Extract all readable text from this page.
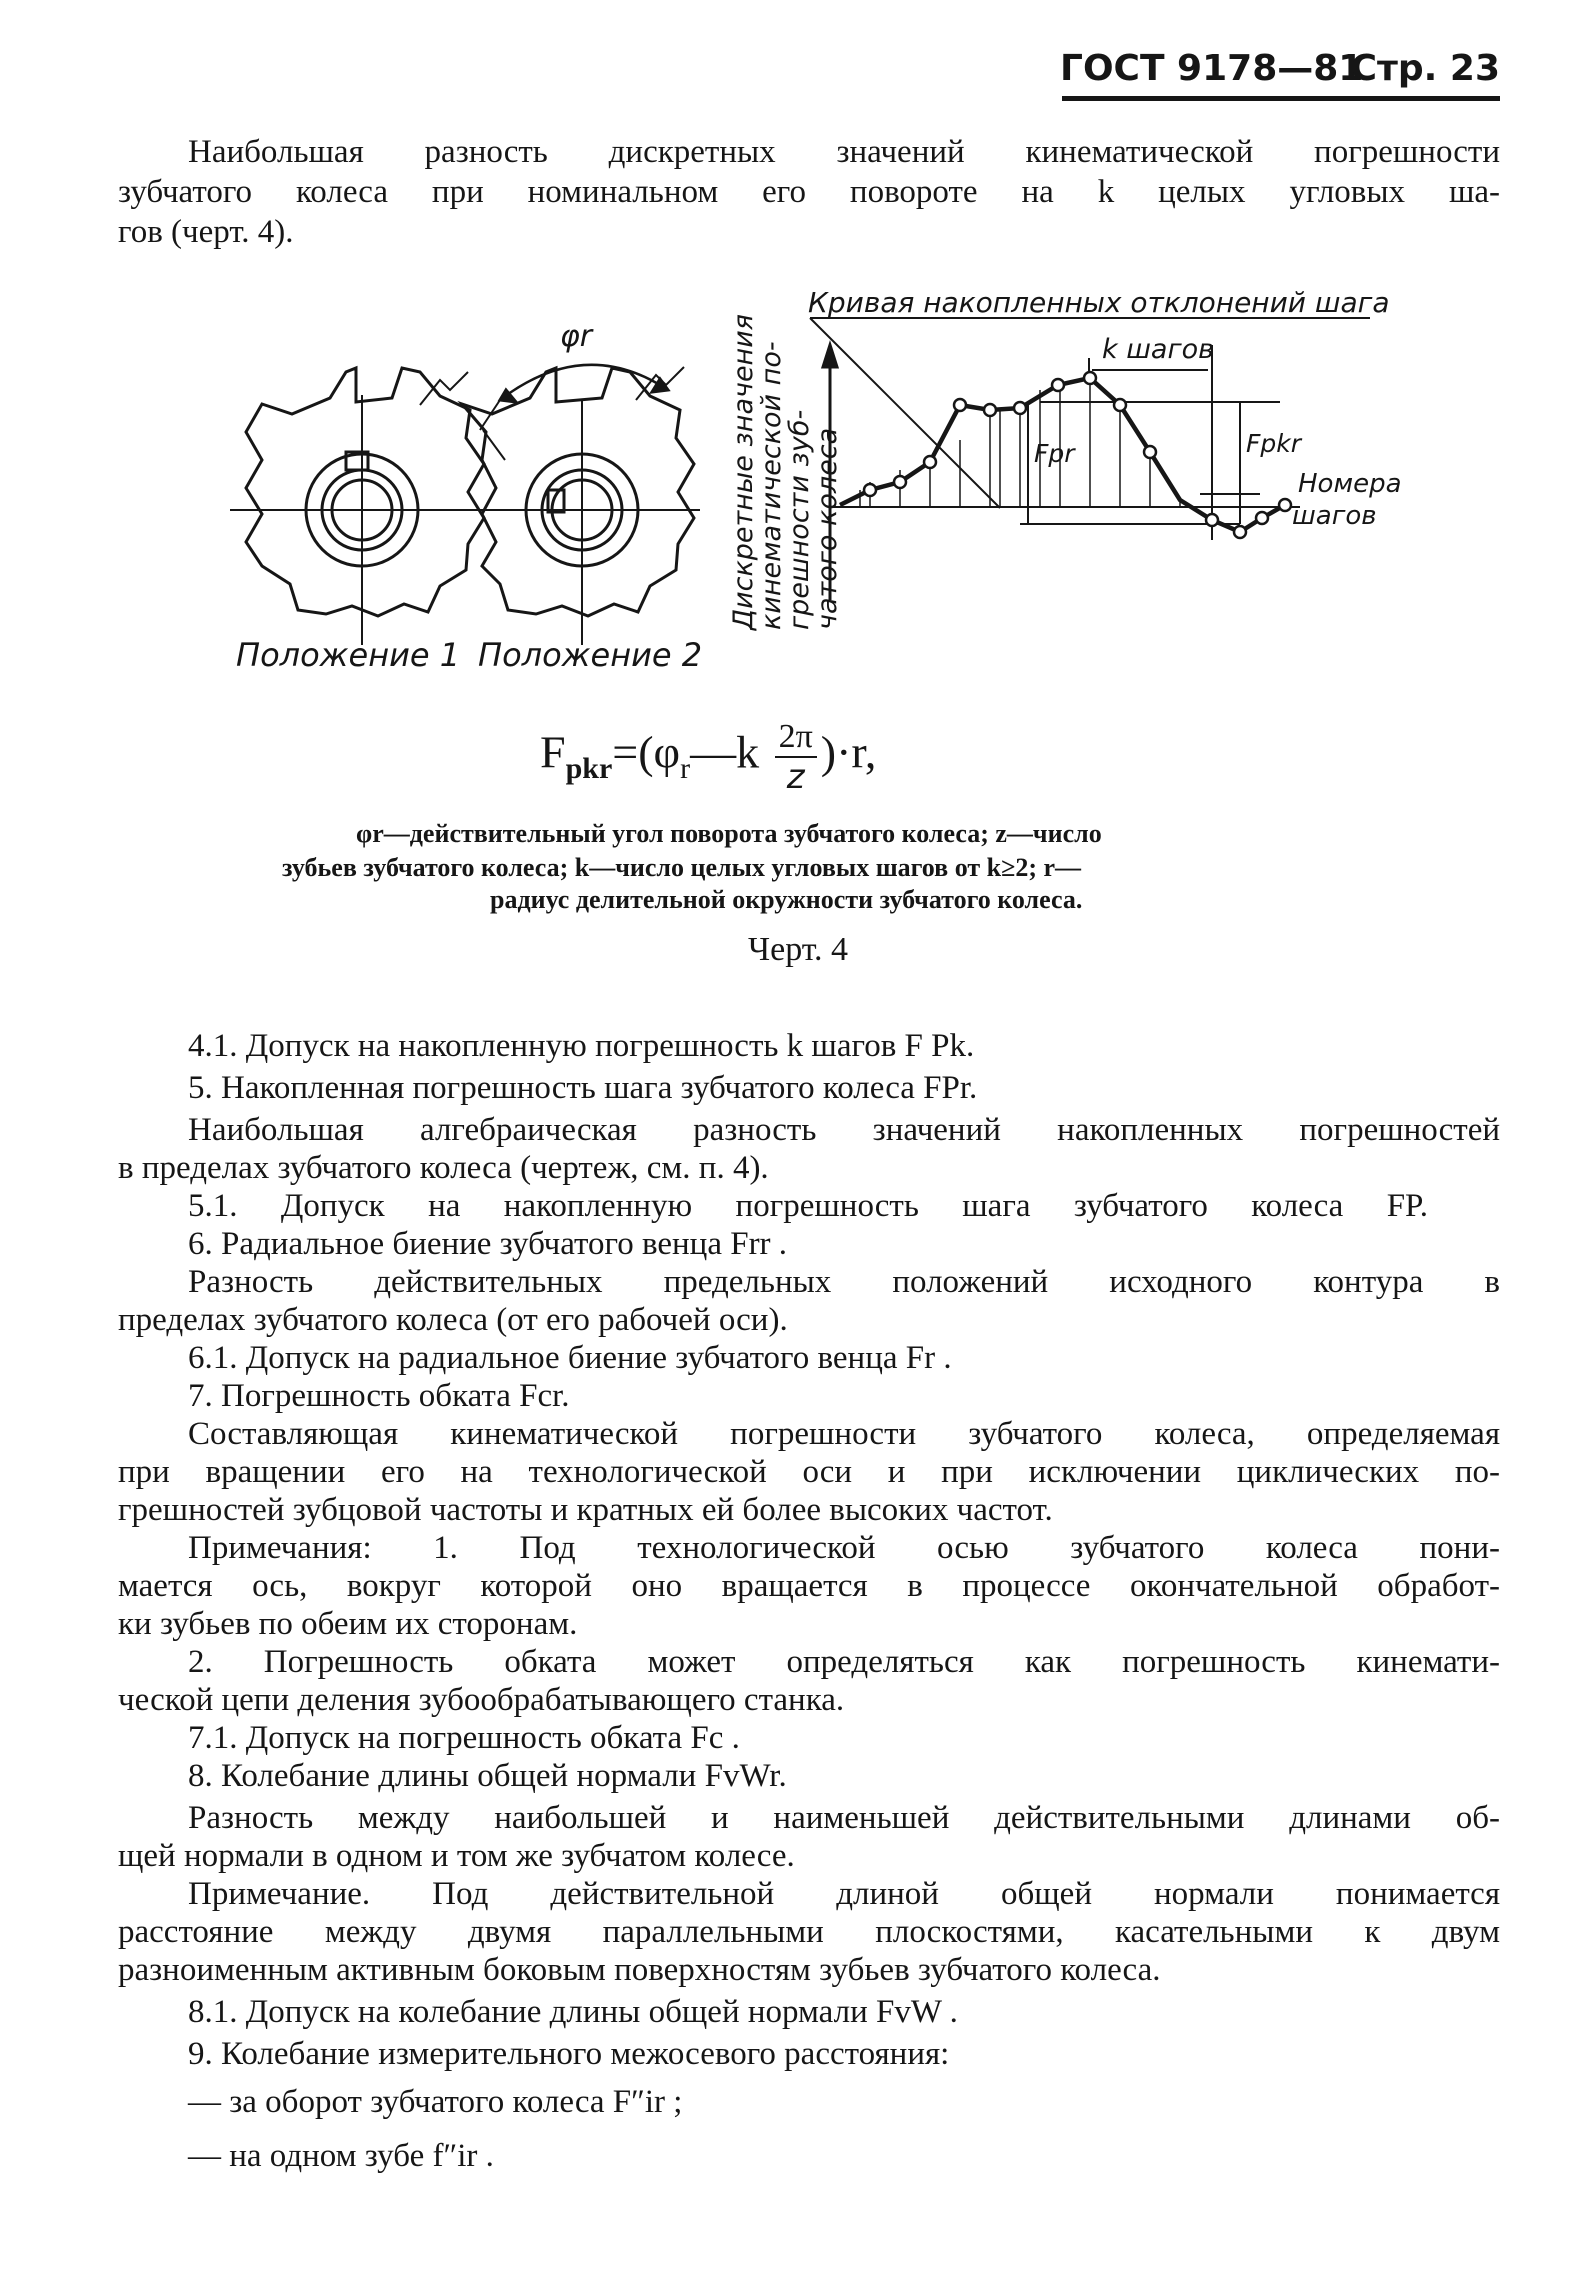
ГОСТ 9178—81
Стр. 23
Наибольшая разность дискретных значений кинематической погрешности
зубчатого колеса при номинальном его повороте на k целых угловых ша-
гов (черт. 4).
φr
Кривая накопленных отклонений шага
k шагов
Fpr	Fpkr
Номера
шагов
Дискретные значения
кинематической по-
грешности зуб-
чатого колеса
Положение 1 Положение 2
$F_{pkr}=(\varphi_r—k \frac{2\pi}{z} )\cdot r$,
φr—действительный угол поворота зубчатого колеса; z—число
зубьев зубчатого колеса; k—число целых угловых шагов от k≥2; r—
радиус делительной окружности зубчатого колеса.
Черт. 4
4.1. Допуск на накопленную погрешность k шагов F Pk.
5. Накопленная погрешность шага зубчатого колеса FPr.
Наибольшая алгебраическая разность значений накопленных погрешностей
в пределах зубчатого колеса (чертеж, см. п. 4).
5.1. Допуск на накопленную погрешность шага зубчатого колеса FP.
6. Радиальное биение зубчатого венца Frr .
Разность действительных предельных положений исходного контура в
пределах зубчатого колеса (от его рабочей оси).
6.1. Допуск на радиальное биение зубчатого венца Fr .
7. Погрешность обката Fcr.
Составляющая кинематической погрешности зубчатого колеса, определяемая
при вращении его на технологической оси и при исключении циклических по-
грешностей зубцовой частоты и кратных ей более высоких частот.
Примечания: 1. Под технологической осью зубчатого колеса пони-
мается ось, вокруг которой оно вращается в процессе окончательной обработ-
ки зубьев по обеим их сторонам.
2. Погрешность обката может определяться как погрешность кинемати-
ческой цепи деления зубообрабатывающего станка.
7.1. Допуск на погрешность обката Fc .
8. Колебание длины общей нормали FvWr.
Разность между наибольшей и наименьшей действительными длинами об-
щей нормали в одном и том же зубчатом колесе.
Примечание. Под действительной длиной общей нормали понимается
расстояние между двумя параллельными плоскостями, касательными к двум
разноименным активным боковым поверхностям зубьев зубчатого колеса.
8.1. Допуск на колебание длины общей нормали FvW .
9. Колебание измерительного межосевого расстояния:
— за оборот зубчатого колеса F″ir ;
— на одном зубе f″ir .
